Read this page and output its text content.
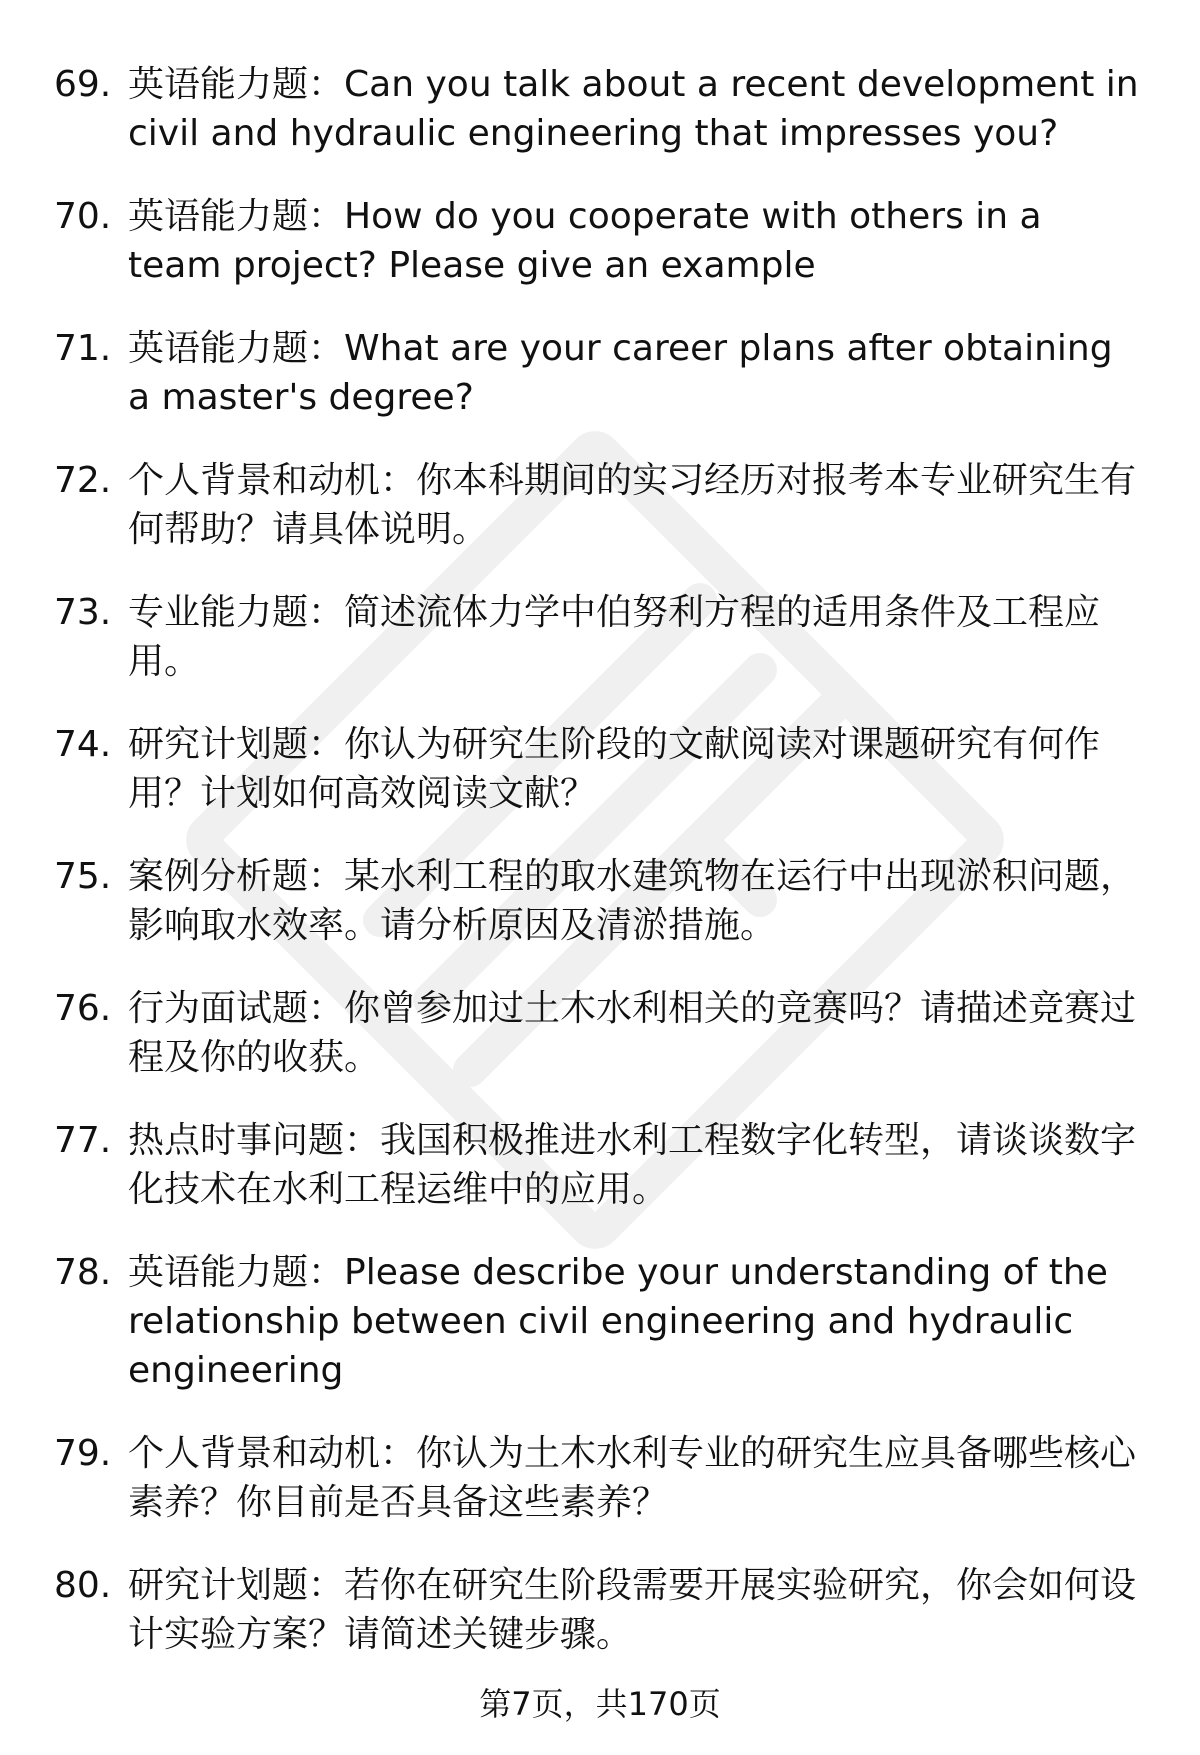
69. 英语能力题：Can you talk about a recent development in civil and hydraulic engineering that impresses you?
70. 英语能力题：How do you cooperate with others in a team project? Please give an example
71. 英语能力题：What are your career plans after obtaining a master's degree?
72. 个人背景和动机：你本科期间的实习经历对报考本专业研究生有何帮助？请具体说明。
73. 专业能力题：简述流体力学中伯努利方程的适用条件及工程应用。
74. 研究计划题：你认为研究生阶段的文献阅读对课题研究有何作用？计划如何高效阅读文献？
75. 案例分析题：某水利工程的取水建筑物在运行中出现淤积问题，影响取水效率。请分析原因及清淤措施。
76. 行为面试题：你曾参加过土木水利相关的竞赛吗？请描述竞赛过程及你的收获。
77. 热点时事问题：我国积极推进水利工程数字化转型，请谈谈数字化技术在水利工程运维中的应用。
78. 英语能力题：Please describe your understanding of the relationship between civil engineering and hydraulic engineering
79. 个人背景和动机：你认为土木水利专业的研究生应具备哪些核心素养？你目前是否具备这些素养？
80. 研究计划题：若你在研究生阶段需要开展实验研究，你会如何设计实验方案？请简述关键步骤。
第7页，共170页
